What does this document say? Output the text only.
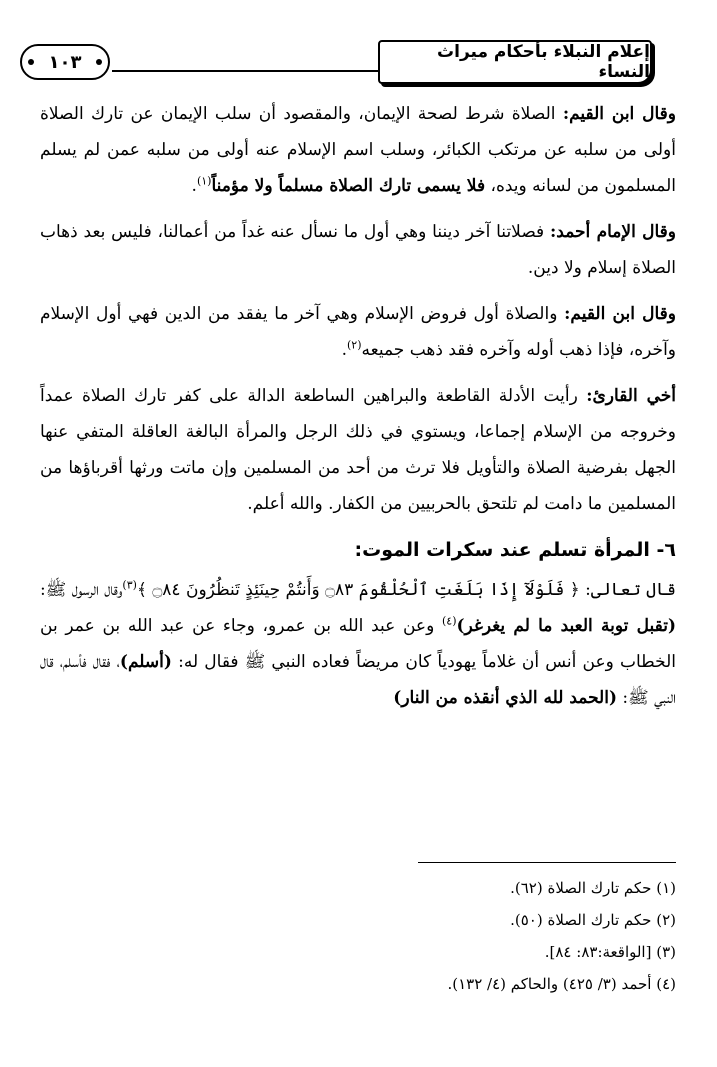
إعلام النبلاء بأحكام ميراث النساء
١٠٣

وقال ابن القيم: الصلاة شرط لصحة الإيمان، والمقصود أن سلب الإيمان عن تارك الصلاة أولى من سلبه عن مرتكب الكبائر، وسلب اسم الإسلام عنه أولى من سلبه عمن لم يسلم المسلمون من لسانه ويده، فلا يسمى تارك الصلاة مسلماً ولا مؤمناً$^{(١)}$.

وقال الإمام أحمد: فصلاتنا آخر ديننا وهي أول ما نسأل عنه غداً من أعمالنا، فليس بعد ذهاب الصلاة إسلام ولا دين.

وقال ابن القيم: والصلاة أول فروض الإسلام وهي آخر ما يفقد من الدين فهي أول الإسلام وآخره، فإذا ذهب أوله وآخره فقد ذهب جميعه$^{(٢)}$.

أخي القارئ: رأيت الأدلة القاطعة والبراهين الساطعة الدالة على كفر تارك الصلاة عمداً وخروجه من الإسلام إجماعا، ويستوي في ذلك الرجل والمرأة البالغة العاقلة المتفي عنها الجهل بفرضية الصلاة والتأويل فلا ترث من أحد من المسلمين وإن ماتت ورثها أقرباؤها من المسلمين ما دامت لم تلتحق بالحربيين من الكفار. والله أعلم.

٦- المرأة تسلم عند سكرات الموت:

قال تعالى: ﴿ فَلَوْلَآ إِذَا بَلَغَتِ ٱلْحُلْقُومَ ۝٨٣ وَأَنتُمْ حِينَئِذٍ تَنظُرُونَ ۝٨٤ ﴾$^{(٣)}$وقال الرسول ﷺ: (تقبل توبة العبد ما لم يغرغر)$^{(٤)}$ وعن عبد الله بن عمرو، وجاء عن عبد الله بن عمر بن الخطاب وعن أنس أن غلاماً يهودياً كان مريضاً فعاده النبي ﷺ فقال له: (أسلم)، فقال فأسلم، قال النبي ﷺ: (الحمد لله الذي أنقذه من النار)

(١) حكم تارك الصلاة (٦٢).

(٢) حكم تارك الصلاة (٥٠).

(٣) [الواقعة:٨٣: ٨٤].

(٤) أحمد (٣/ ٤٢٥) والحاكم (٤/ ١٣٢).
